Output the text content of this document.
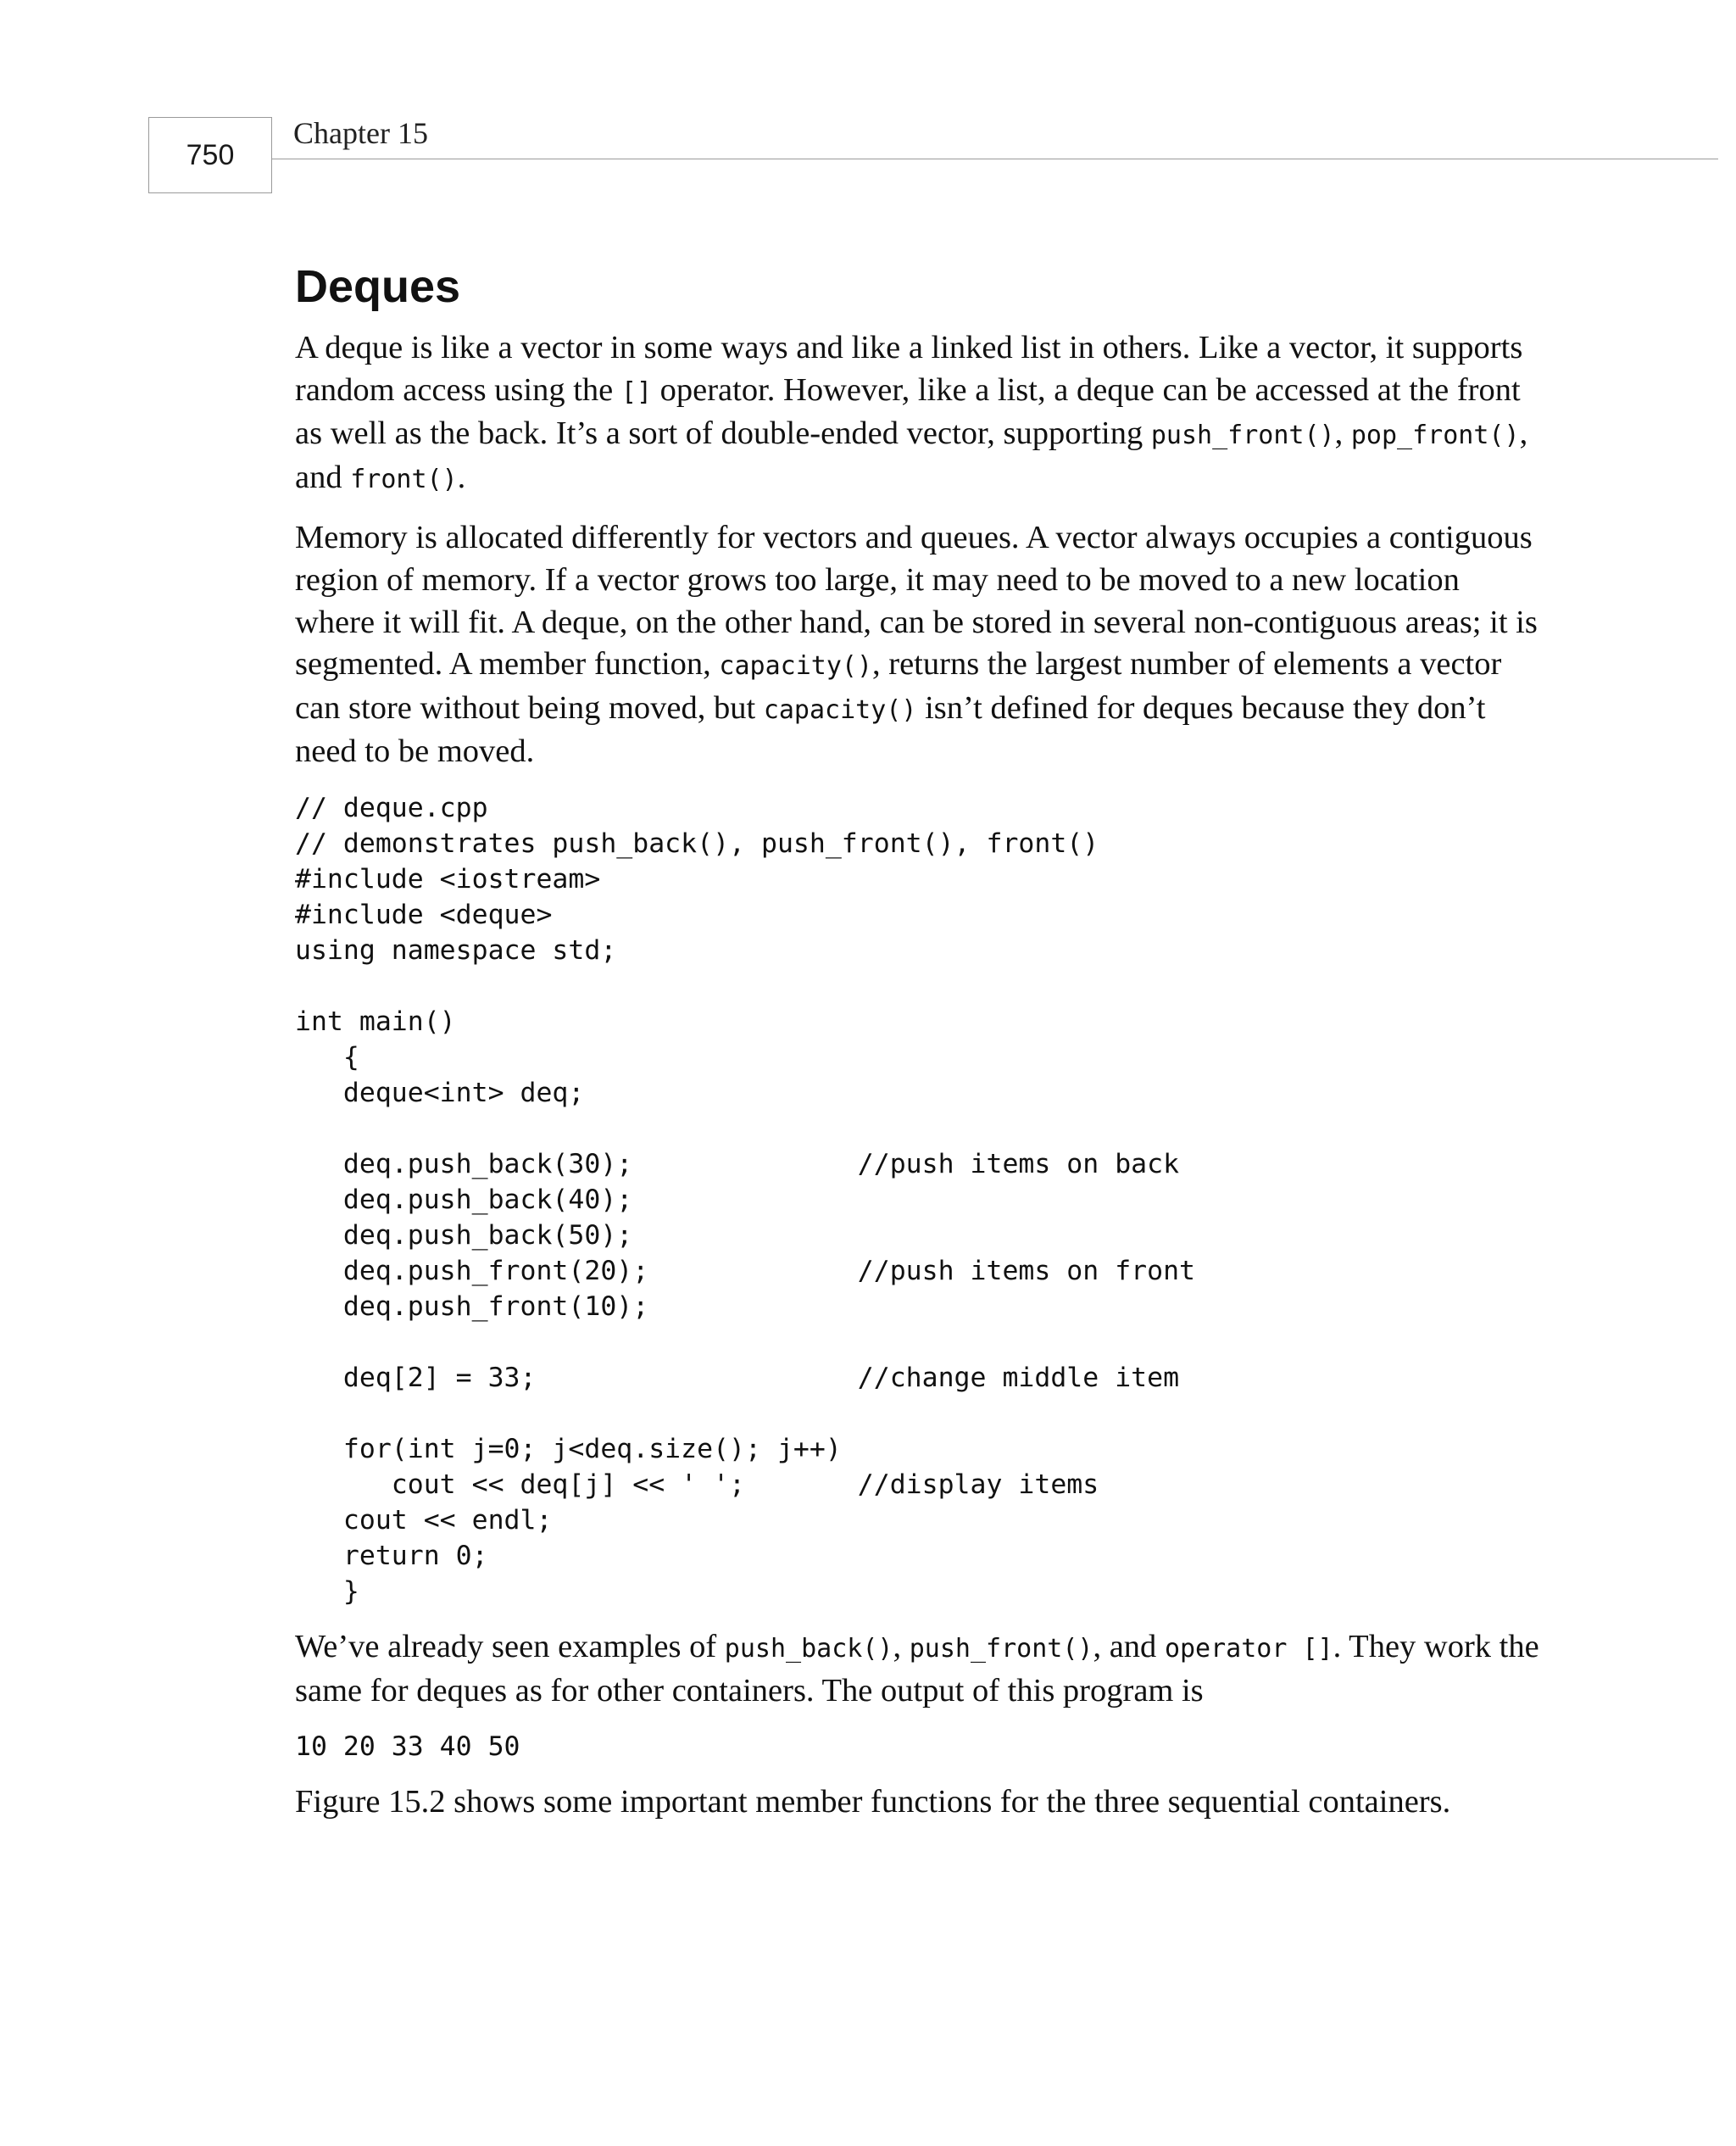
750
Chapter 15
Deques

A deque is like a vector in some ways and like a linked list in others. Like a vector, it supports random access using the [] operator. However, like a list, a deque can be accessed at the front as well as the back. It’s a sort of double-ended vector, supporting push_front(), pop_front(), and front().

Memory is allocated differently for vectors and queues. A vector always occupies a contiguous region of memory. If a vector grows too large, it may need to be moved to a new location where it will fit. A deque, on the other hand, can be stored in several non-contiguous areas; it is segmented. A member function, capacity(), returns the largest number of elements a vector can store without being moved, but capacity() isn’t defined for deques because they don’t need to be moved.

// deque.cpp
// demonstrates push_back(), push_front(), front()
#include <iostream>
#include <deque>
using namespace std;

int main()
{
deque<int> deq;

deq.push_back(30);              //push items on back
deq.push_back(40);
deq.push_back(50);
deq.push_front(20);             //push items on front
deq.push_front(10);

deq[2] = 33;                    //change middle item

for(int j=0; j<deq.size(); j++)
cout << deq[j] << ' ';       //display items
cout << endl;
return 0;
}

We’ve already seen examples of push_back(), push_front(), and operator []. They work the same for deques as for other containers. The output of this program is

10 20 33 40 50

Figure 15.2 shows some important member functions for the three sequential containers.
